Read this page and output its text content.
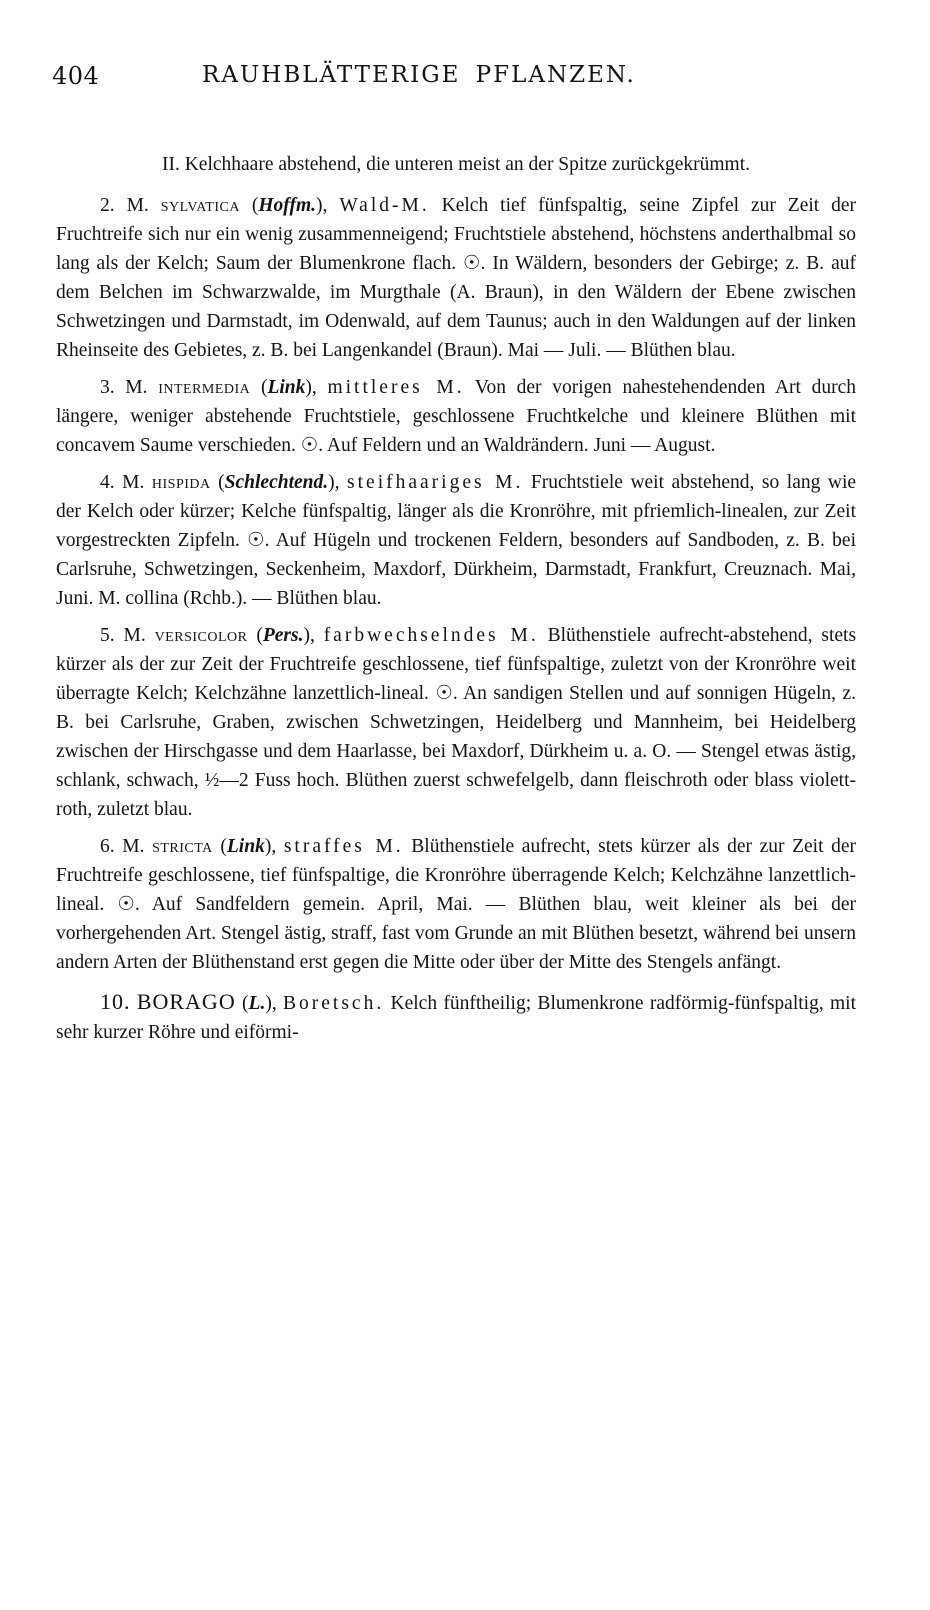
404	RAUHBLÄTTERIGE PFLANZEN.

II. Kelchhaare abstehend, die unteren meist an der Spitze zurückgekrümmt.

2. M. sylvatica (Hoffm.), Wald-M. Kelch tief fünfspaltig, seine Zipfel zur Zeit der Fruchtreife sich nur ein wenig zusammenneigend; Fruchtstiele abstehend, höchstens anderthalbmal so lang als der Kelch; Saum der Blumenkrone flach. ☉. In Wäldern, besonders der Gebirge; z. B. auf dem Belchen im Schwarzwalde, im Murgthale (A. Braun), in den Wäldern der Ebene zwischen Schwetzingen und Darmstadt, im Odenwald, auf dem Taunus; auch in den Waldungen auf der linken Rheinseite des Gebietes, z. B. bei Langenkandel (Braun). Mai — Juli. — Blüthen blau.

3. M. intermedia (Link), mittleres M. Von der vorigen nahestehendenden Art durch längere, weniger abstehende Fruchtstiele, geschlossene Fruchtkelche und kleinere Blüthen mit concavem Saume verschieden. ☉. Auf Feldern und an Waldrändern. Juni — August.

4. M. hispida (Schlechtend.), steifhaariges M. Fruchtstiele weit abstehend, so lang wie der Kelch oder kürzer; Kelche fünfspaltig, länger als die Kronröhre, mit pfriemlich-linealen, zur Zeit vorgestreckten Zipfeln. ☉. Auf Hügeln und trockenen Feldern, besonders auf Sandboden, z. B. bei Carlsruhe, Schwetzingen, Seckenheim, Maxdorf, Dürkheim, Darmstadt, Frankfurt, Creuznach. Mai, Juni. M. collina (Rchb.). — Blüthen blau.

5. M. versicolor (Pers.), farbwechselndes M. Blüthenstiele aufrecht-abstehend, stets kürzer als der zur Zeit der Fruchtreife geschlossene, tief fünfspaltige, zuletzt von der Kronröhre weit überragte Kelch; Kelchzähne lanzettlich-lineal. ☉. An sandigen Stellen und auf sonnigen Hügeln, z. B. bei Carlsruhe, Graben, zwischen Schwetzingen, Heidelberg und Mannheim, bei Heidelberg zwischen der Hirschgasse und dem Haarlasse, bei Maxdorf, Dürkheim u. a. O. — Stengel etwas ästig, schlank, schwach, ½—2 Fuss hoch. Blüthen zuerst schwefelgelb, dann fleischroth oder blass violett-roth, zuletzt blau.

6. M. stricta (Link), straffes M. Blüthenstiele aufrecht, stets kürzer als der zur Zeit der Fruchtreife geschlossene, tief fünfspaltige, die Kronröhre überragende Kelch; Kelchzähne lanzettlich-lineal. ☉. Auf Sandfeldern gemein. April, Mai. — Blüthen blau, weit kleiner als bei der vorhergehenden Art. Stengel ästig, straff, fast vom Grunde an mit Blüthen besetzt, während bei unsern andern Arten der Blüthenstand erst gegen die Mitte oder über der Mitte des Stengels anfängt.

10. BORAGO (L.), Boretsch. Kelch fünftheilig; Blumenkrone radförmig-fünfspaltig, mit sehr kurzer Röhre und eiförmi-
